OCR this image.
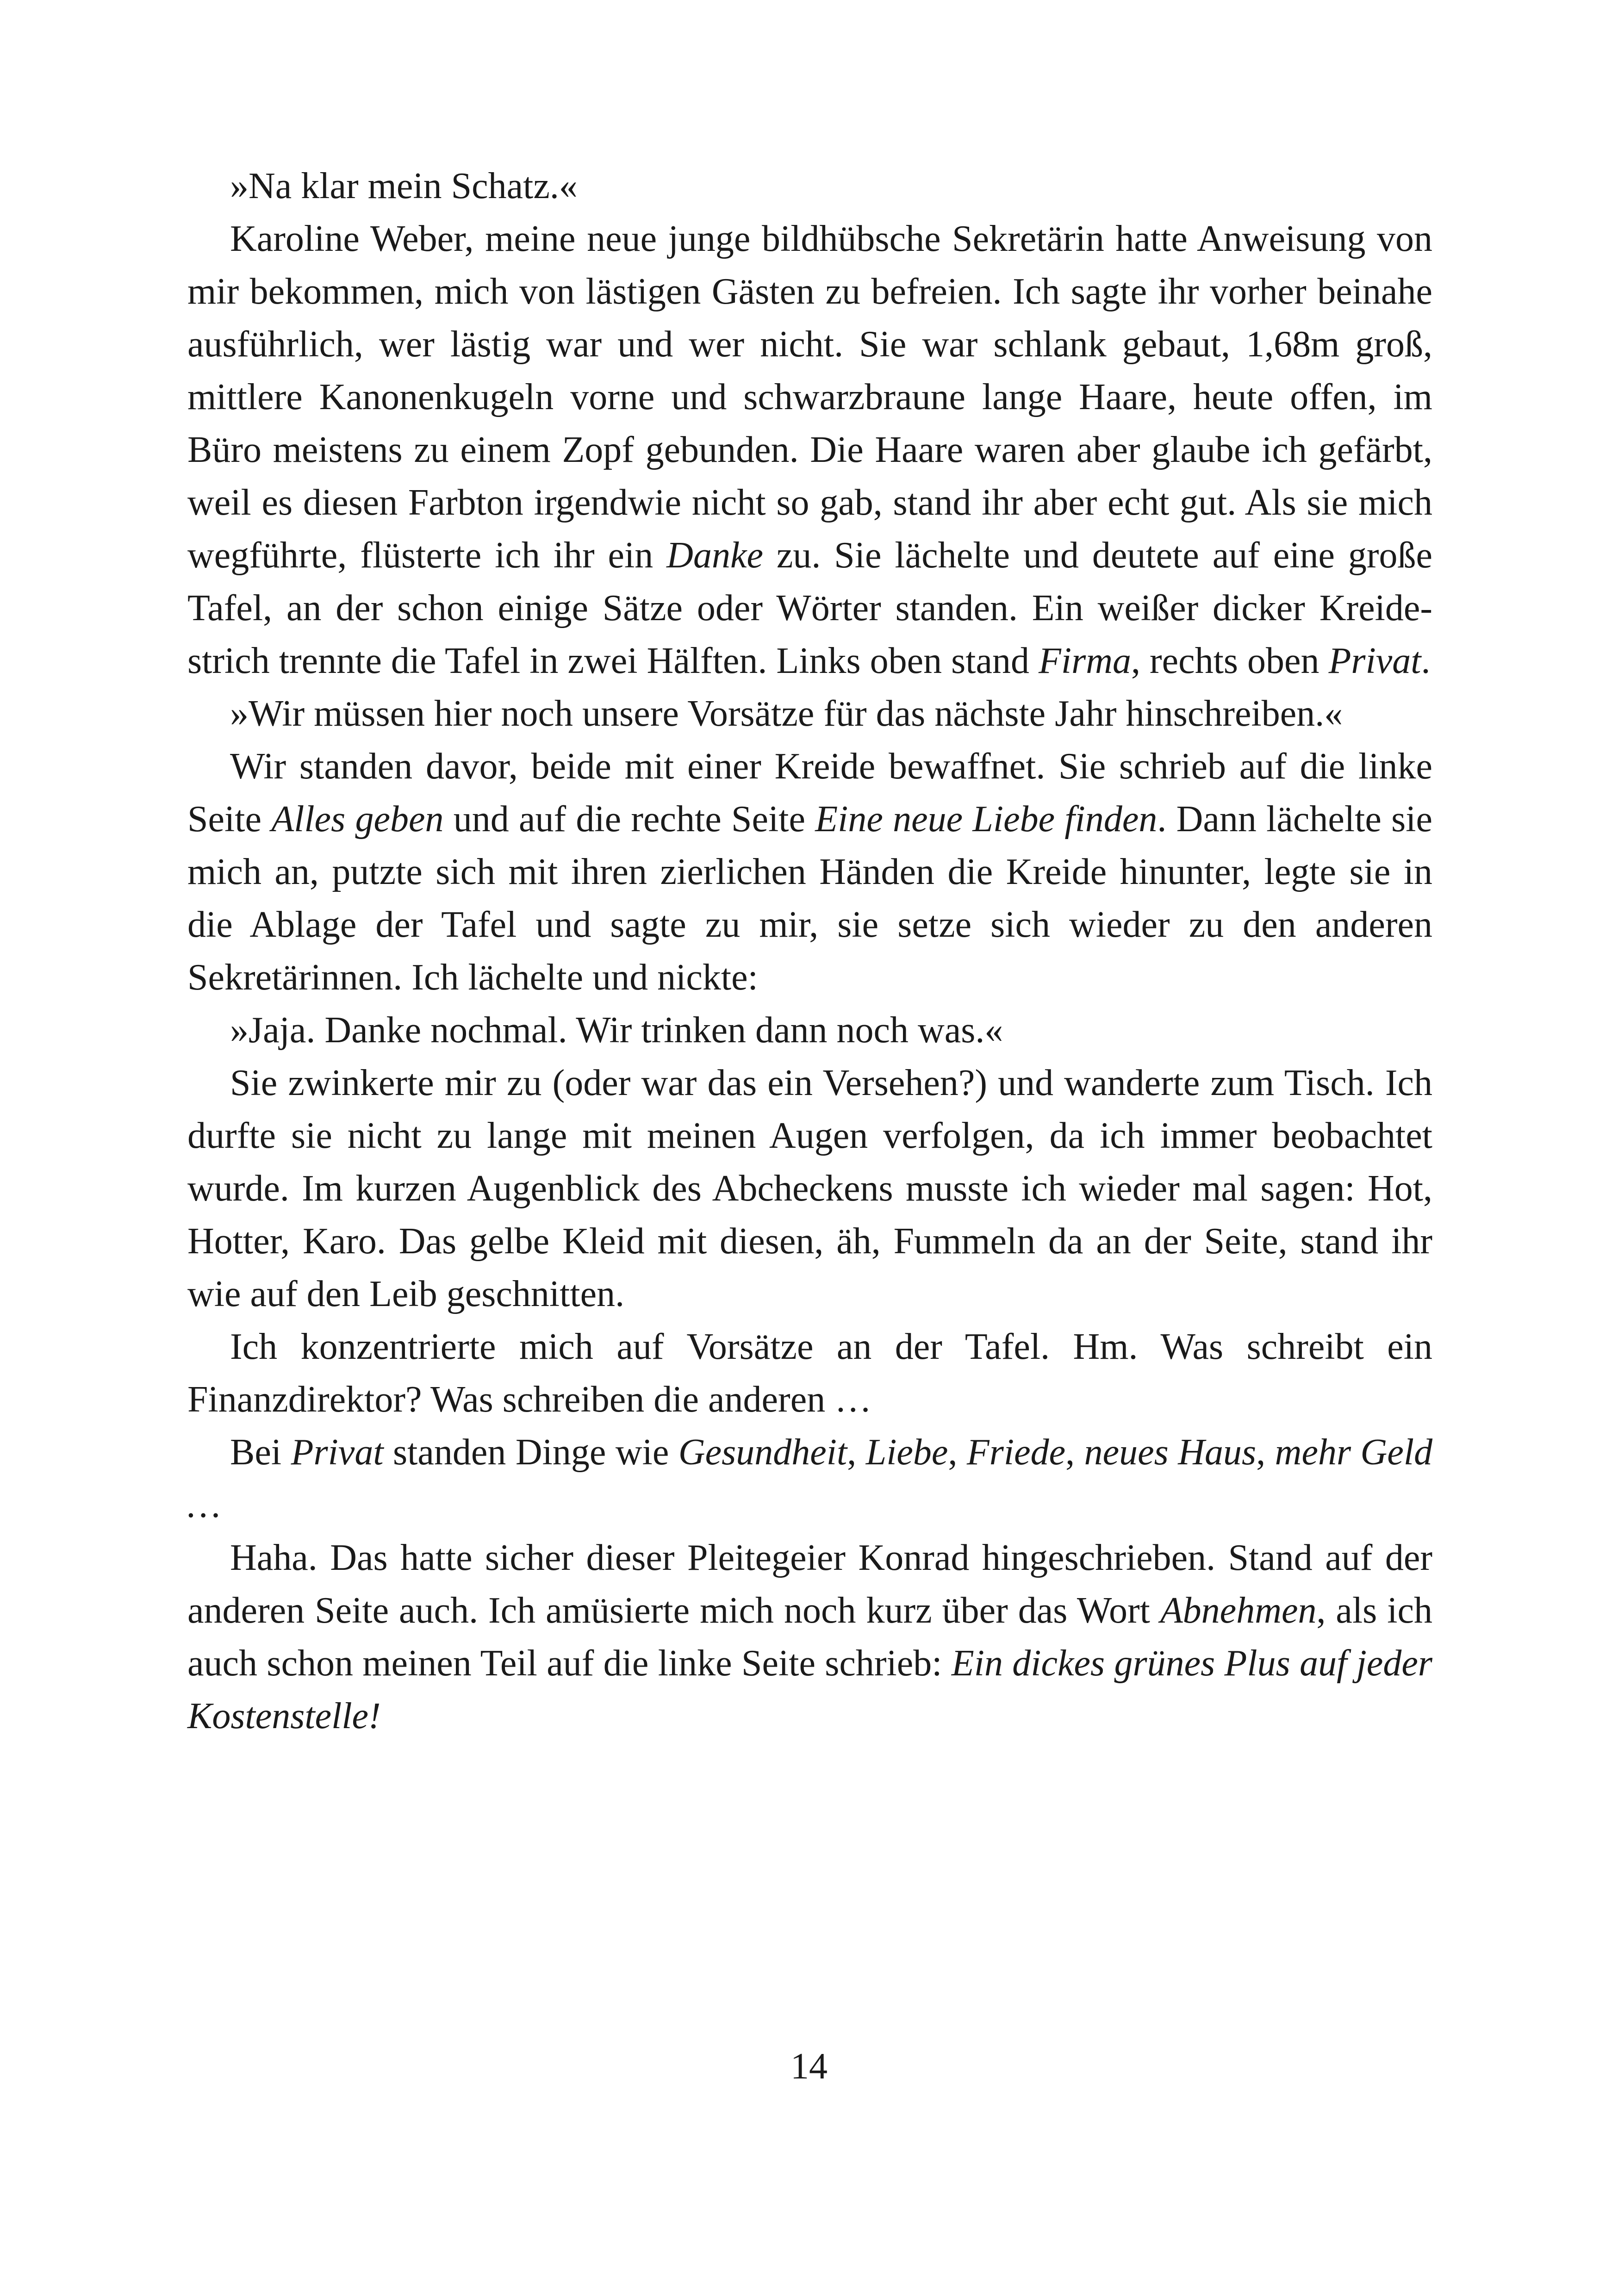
»Na klar mein Schatz.«

Karoline Weber, meine neue junge bildhübsche Sekretärin hatte Anweisung von mir bekommen, mich von lästigen Gästen zu befreien. Ich sagte ihr vorher beinahe ausführlich, wer lästig war und wer nicht. Sie war schlank gebaut, 1,68m groß, mittlere Kanonenkugeln vorne und schwarzbraune lange Haare, heute offen, im Büro meistens zu einem Zopf gebunden. Die Haare waren aber glaube ich gefärbt, weil es diesen Farbton irgendwie nicht so gab, stand ihr aber echt gut. Als sie mich wegführte, flüsterte ich ihr ein Danke zu. Sie lächelte und deutete auf eine große Tafel, an der schon einige Sätze oder Wörter standen. Ein weißer dicker Kreidestrich trennte die Tafel in zwei Hälften. Links oben stand Firma, rechts oben Privat.

»Wir müssen hier noch unsere Vorsätze für das nächste Jahr hinschreiben.«

Wir standen davor, beide mit einer Kreide bewaffnet. Sie schrieb auf die linke Seite Alles geben und auf die rechte Seite Eine neue Liebe finden. Dann lächelte sie mich an, putzte sich mit ihren zierlichen Händen die Kreide hinunter, legte sie in die Ablage der Tafel und sagte zu mir, sie setze sich wieder zu den anderen Sekretärinnen. Ich lächelte und nickte:

»Jaja. Danke nochmal. Wir trinken dann noch was.«

Sie zwinkerte mir zu (oder war das ein Versehen?) und wanderte zum Tisch. Ich durfte sie nicht zu lange mit meinen Augen verfolgen, da ich immer beobachtet wurde. Im kurzen Augenblick des Abcheckens musste ich wieder mal sagen: Hot, Hotter, Karo. Das gelbe Kleid mit diesen, äh, Fummeln da an der Seite, stand ihr wie auf den Leib geschnitten.

Ich konzentrierte mich auf Vorsätze an der Tafel. Hm. Was schreibt ein Finanzdirektor? Was schreiben die anderen …

Bei Privat standen Dinge wie Gesundheit, Liebe, Friede, neues Haus, mehr Geld …

Haha. Das hatte sicher dieser Pleitegeier Konrad hingeschrieben. Stand auf der anderen Seite auch. Ich amüsierte mich noch kurz über das Wort Abnehmen, als ich auch schon meinen Teil auf die linke Seite schrieb: Ein dickes grünes Plus auf jeder Kostenstelle!

14
